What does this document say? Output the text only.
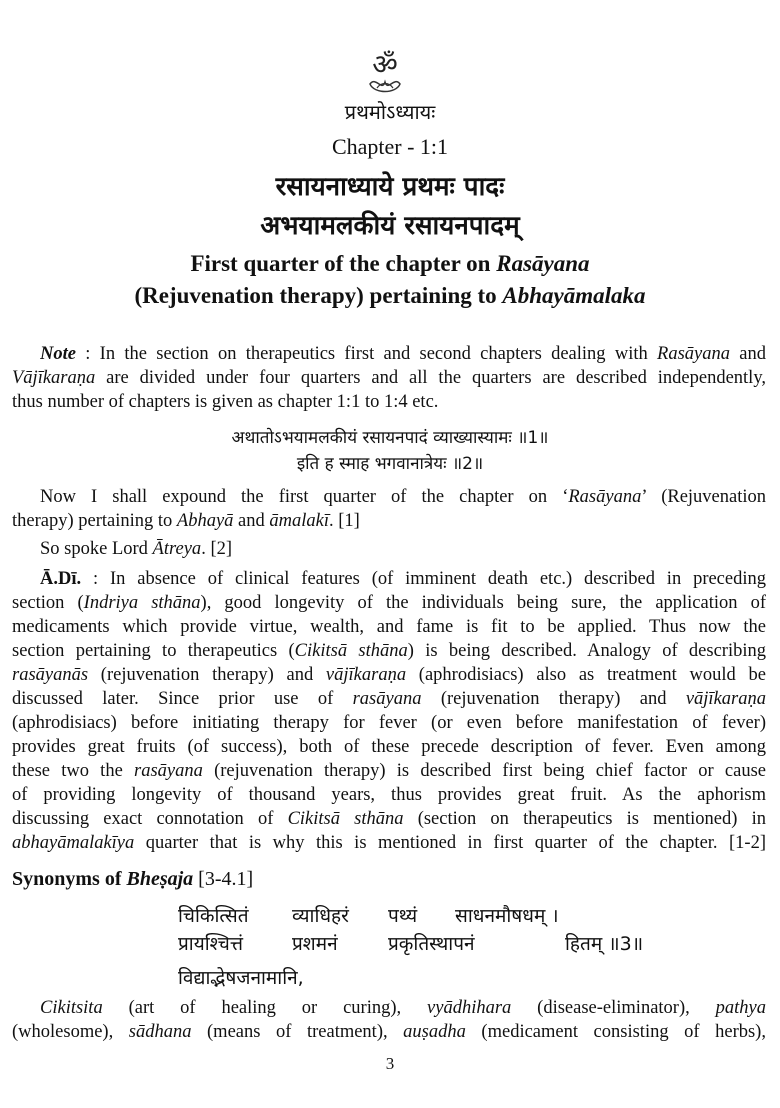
ॐ
प्रथमोऽध्यायः
Chapter - 1:1
रसायनाध्याये प्रथमः पादः
अभयामलकीयं रसायनपादम्
First quarter of the chapter on Rasāyana
(Rejuvenation therapy) pertaining to Abhayāmalaka
Note : In the section on therapeutics first and second chapters dealing with Rasāyana and
Vājīkaraṇa are divided under four quarters and all the quarters are described independently,
thus number of chapters is given as chapter 1:1 to 1:4 etc.
अथातोऽभयामलकीयं रसायनपादं व्याख्यास्यामः ॥1॥
इति ह स्माह भगवानात्रेयः ॥2॥
Now I shall expound the first quarter of the chapter on ‘Rasāyana’ (Rejuvenation
therapy) pertaining to Abhayā and āmalakī. [1]
So spoke Lord Ātreya. [2]
Ā.Dī. : In absence of clinical features (of imminent death etc.) described in preceding
section (Indriya sthāna), good longevity of the individuals being sure, the application of
medicaments which provide virtue, wealth, and fame is fit to be applied. Thus now the
section pertaining to therapeutics (Cikitsā sthāna) is being described. Analogy of describing
rasāyanās (rejuvenation therapy) and vājīkaraṇa (aphrodisiacs) also as treatment would be
discussed later. Since prior use of rasāyana (rejuvenation therapy) and vājīkaraṇa
(aphrodisiacs) before initiating therapy for fever (or even before manifestation of fever)
provides great fruits (of success), both of these precede description of fever. Even among
these two the rasāyana (rejuvenation therapy) is described first being chief factor or cause
of providing longevity of thousand years, thus provides great fruit. As the aphorism
discussing exact connotation of Cikitsā sthāna (section on therapeutics is mentioned) in
abhayāmalakīya quarter that is why this is mentioned in first quarter of the chapter. [1-2]
Synonyms of Bheṣaja [3-4.1]
चिकित्सितं व्याधिहरं पथ्यं साधनमौषधम् ।
प्रायश्चित्तं	प्रशमनं	प्रकृतिस्थापनं	हितम् ॥3॥
विद्याद्भेषजनामानि,
Cikitsita (art of healing or curing), vyādhihara (disease-eliminator), pathya
(wholesome), sādhana (means of treatment), auṣadha (medicament consisting of herbs),
3
